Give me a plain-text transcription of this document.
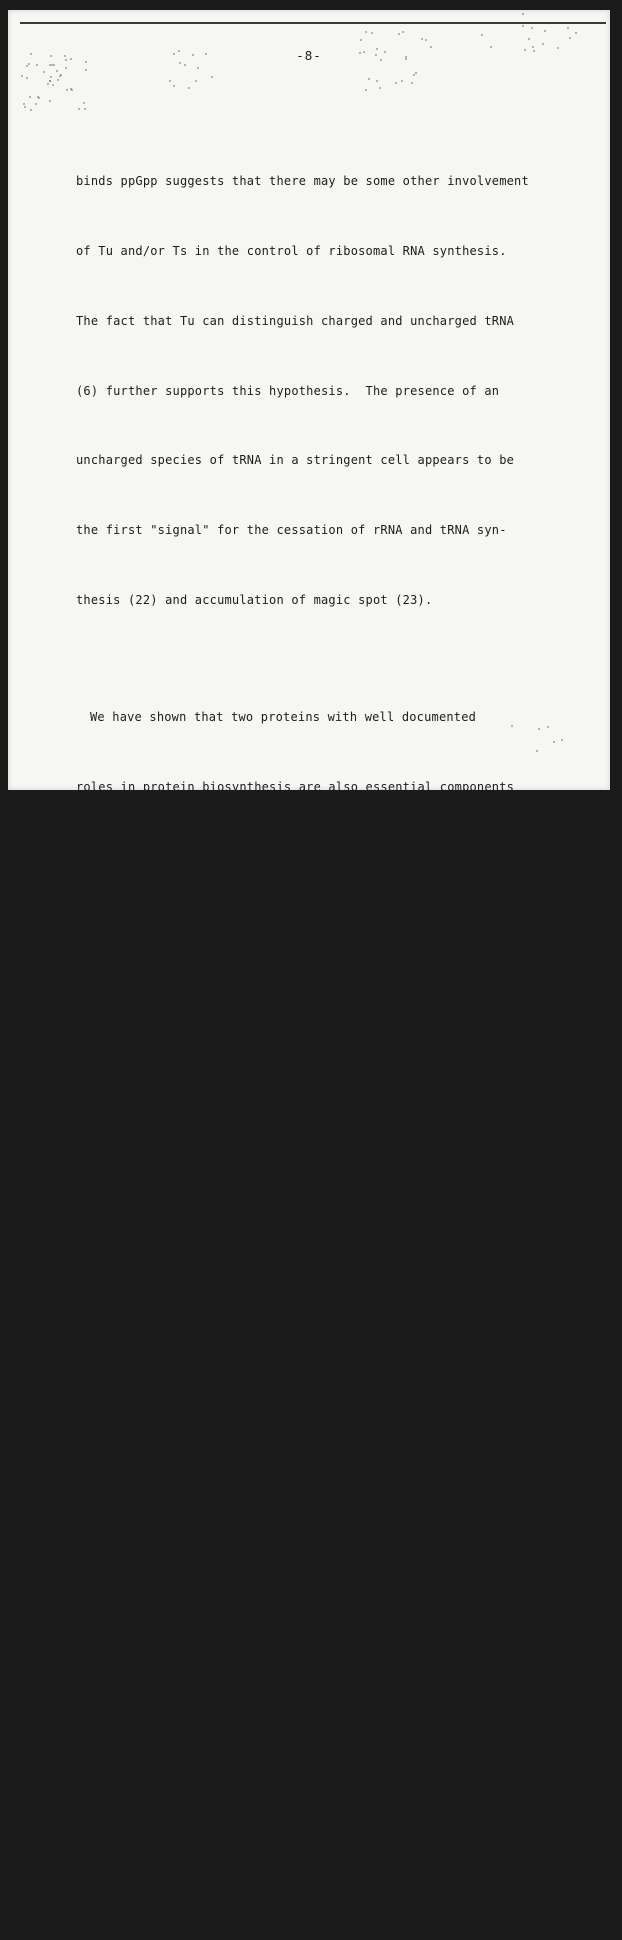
-8-

binds ppGpp suggests that there may be some other involvement

of Tu and/or Ts in the control of ribosomal RNA synthesis.

The fact that Tu can distinguish charged and uncharged tRNA

(6) further supports this hypothesis.  The presence of an

uncharged species of tRNA in a stringent cell appears to be

the first "signal" for the cessation of rRNA and tRNA syn-

thesis (22) and accumulation of magic spot (23).

We have shown that two proteins with well documented

roles in protein biosynthesis are also essential components

of an RNA-dependent RNA replicase.  This may be an example

of a protein having a dual function, carrying out two differ-

ent enzymatic activities.  More likely, the protein has a

single underlying function--which appears as a common step

in two different biochemical processes.  Here a deeper under-

standing of the synthetic process may reveal a single role for

these proteins--such as positioning a nucleic acid correctly

in order that subsequent step can be carried out.

We conjecture that this use of common components may be

a more general phenomenon.  Tu and Ts may themselves parti-

pate in other reactions or other proteins will be found to

participate in several complex processes.  The remaining

components of the Qβ replicase, subunit I, and the factors

necessary for reading the plus strand may be further examples

of such "multi-use proteins."
